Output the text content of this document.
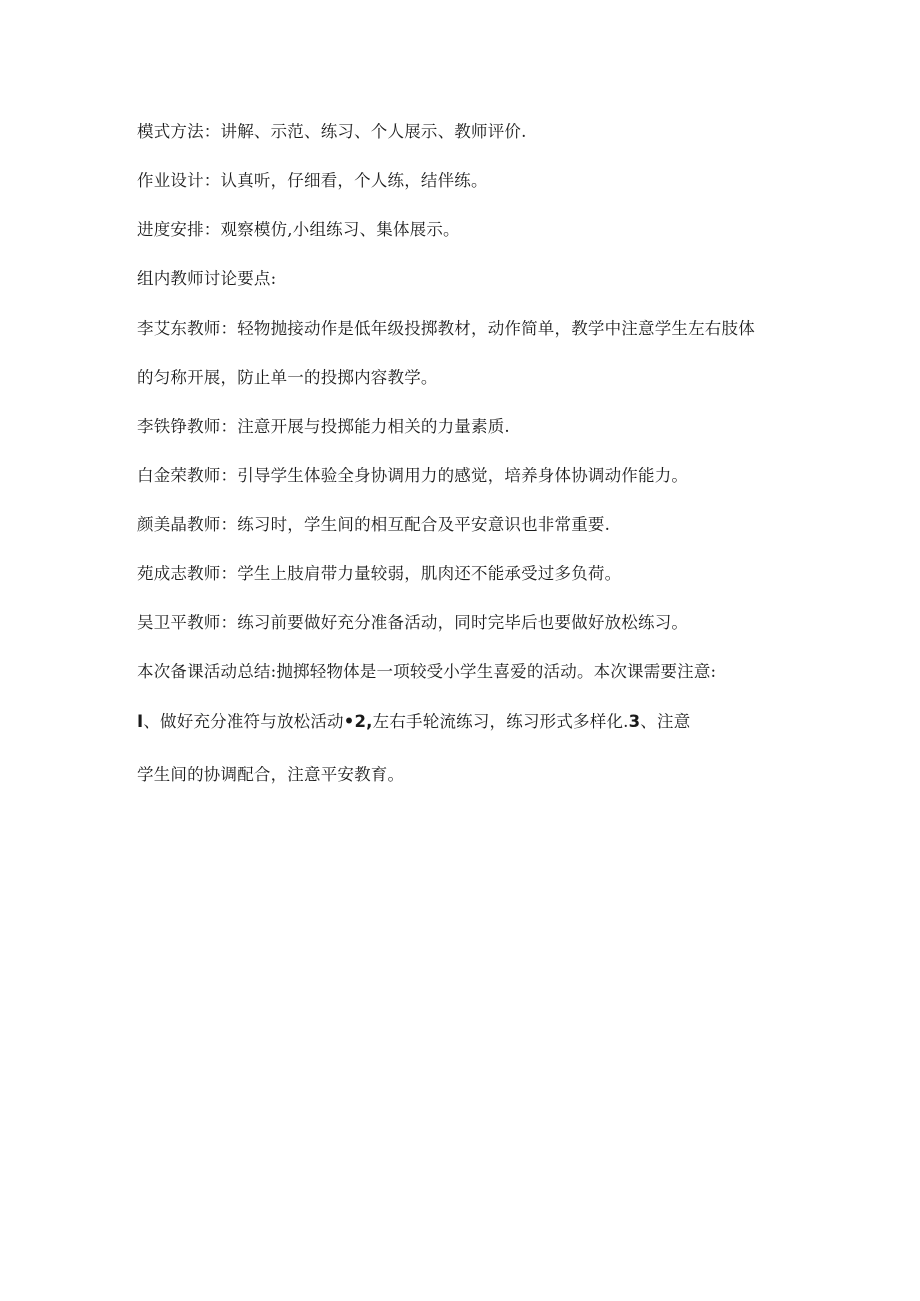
模式方法：讲解、示范、练习、个人展示、教师评价.

作业设计：认真听，仔细看，个人练，结伴练。

进度安排：观察模仿,小组练习、集体展示。

组内教师讨论要点:

李艾东教师：轻物抛接动作是低年级投掷教材，动作简单，教学中注意学生左右肢体

的匀称开展，防止单一的投掷内容教学。

李铁铮教师：注意开展与投掷能力相关的力量素质.

白金荣教师：引导学生体验全身协调用力的感觉，培养身体协调动作能力。

颜美晶教师：练习时，学生间的相互配合及平安意识也非常重要.

苑成志教师：学生上肢肩带力量较弱，肌肉还不能承受过多负荷。

吴卫平教师：练习前要做好充分准备活动，同时完毕后也要做好放松练习。

本次备课活动总结:抛掷轻物体是一项较受小学生喜爱的活动。本次课需要注意:

I、做好充分准符与放松活动•2,左右手轮流练习，练习形式多样化.3、注意

学生间的协调配合，注意平安教育。
